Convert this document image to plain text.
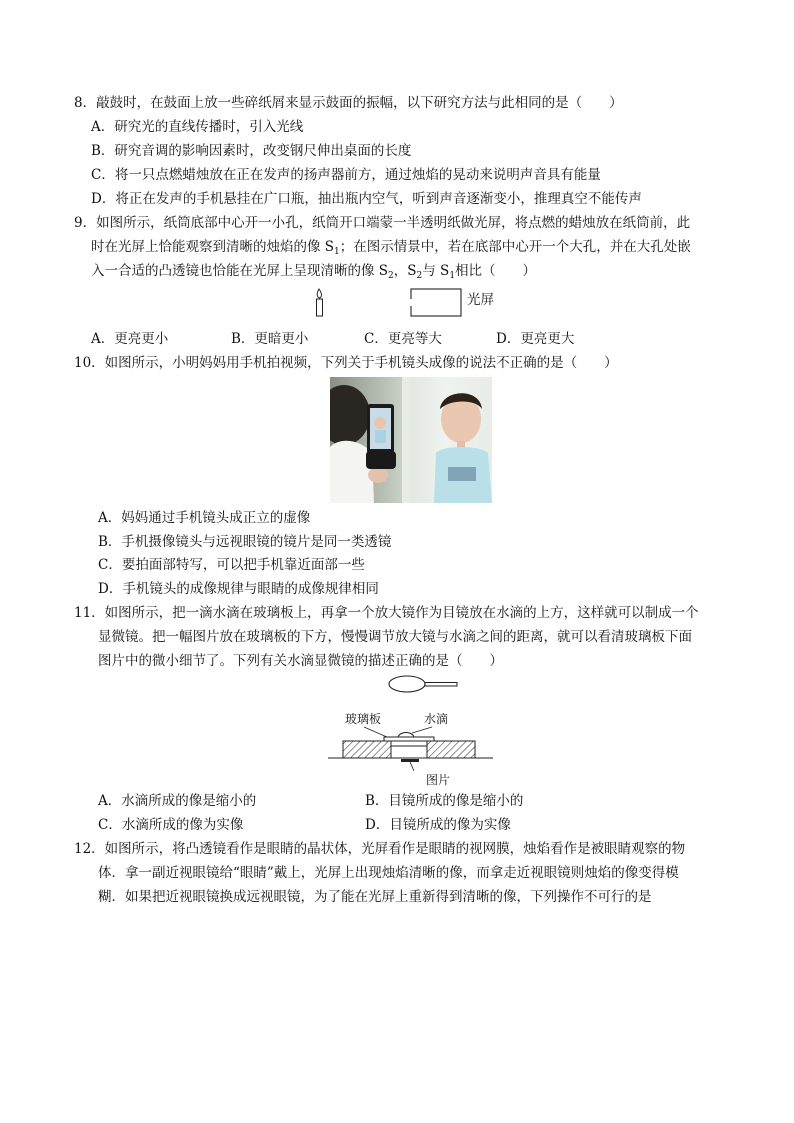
8．敲鼓时，在鼓面上放一些碎纸屑来显示鼓面的振幅，以下研究方法与此相同的是（　　）
A．研究光的直线传播时，引入光线
B．研究音调的影响因素时，改变钢尺伸出桌面的长度
C．将一只点燃蜡烛放在正在发声的扬声器前方，通过烛焰的晃动来说明声音具有能量
D．将正在发声的手机悬挂在广口瓶，抽出瓶内空气，听到声音逐渐变小，推理真空不能传声
9．如图所示，纸筒底部中心开一小孔，纸筒开口端蒙一半透明纸做光屏，将点燃的蜡烛放在纸筒前，此
时在光屏上恰能观察到清晰的烛焰的像 $S_1$；在图示情景中，若在底部中心开一个大孔，并在大孔处嵌
入一合适的凸透镜也恰能在光屏上呈现清晰的像 $S_2$，$S_2$与 $S_1$相比（　　）
光屏
A．更亮更小	B．更暗更小	C．更亮等大	D．更亮更大
10．如图所示，小明妈妈用手机拍视频，下列关于手机镜头成像的说法不正确的是（　　）
A．妈妈通过手机镜头成正立的虚像
B．手机摄像镜头与远视眼镜的镜片是同一类透镜
C．要拍面部特写，可以把手机靠近面部一些
D．手机镜头的成像规律与眼睛的成像规律相同
11．如图所示，把一滴水滴在玻璃板上，再拿一个放大镜作为目镜放在水滴的上方，这样就可以制成一个
显微镜。把一幅图片放在玻璃板的下方，慢慢调节放大镜与水滴之间的距离，就可以看清玻璃板下面
图片中的微小细节了。下列有关水滴显微镜的描述正确的是（　　）
玻璃板	水滴
图片
A．水滴所成的像是缩小的	B．目镜所成的像是缩小的
C．水滴所成的像为实像	D．目镜所成的像为实像
12．如图所示，将凸透镜看作是眼睛的晶状体，光屏看作是眼睛的视网膜，烛焰看作是被眼睛观察的物
体．拿一副近视眼镜给“眼睛”戴上，光屏上出现烛焰清晰的像，而拿走近视眼镜则烛焰的像变得模
糊．如果把近视眼镜换成远视眼镜，为了能在光屏上重新得到清晰的像，下列操作不可行的是
